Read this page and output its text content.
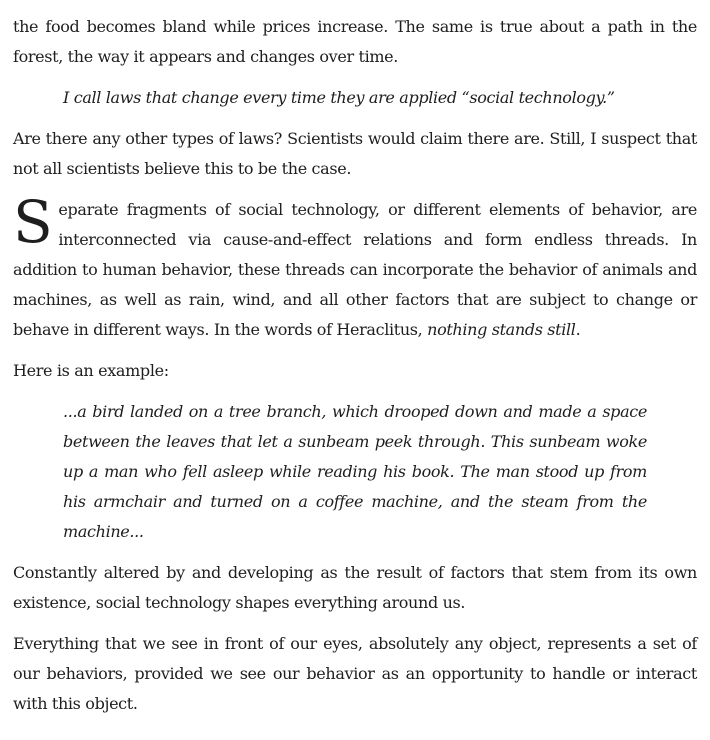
the food becomes bland while prices increase. The same is true about a path in the forest, the way it appears and changes over time.

I call laws that change every time they are applied “social technology.”

Are there any other types of laws? Scientists would claim there are. Still, I suspect that not all scientists believe this to be the case.

Separate fragments of social technology, or different elements of behavior, are interconnected via cause-and-effect relations and form endless threads. In addition to human behavior, these threads can incorporate the behavior of animals and machines, as well as rain, wind, and all other factors that are subject to change or behave in different ways. In the words of Heraclitus, nothing stands still.

Here is an example:

...a bird landed on a tree branch, which drooped down and made a space between the leaves that let a sunbeam peek through. This sunbeam woke up a man who fell asleep while reading his book. The man stood up from his armchair and turned on a coffee machine, and the steam from the machine...

Constantly altered by and developing as the result of factors that stem from its own existence, social technology shapes everything around us.

Everything that we see in front of our eyes, absolutely any object, represents a set of our behaviors, provided we see our behavior as an opportunity to handle or interact with this object.
